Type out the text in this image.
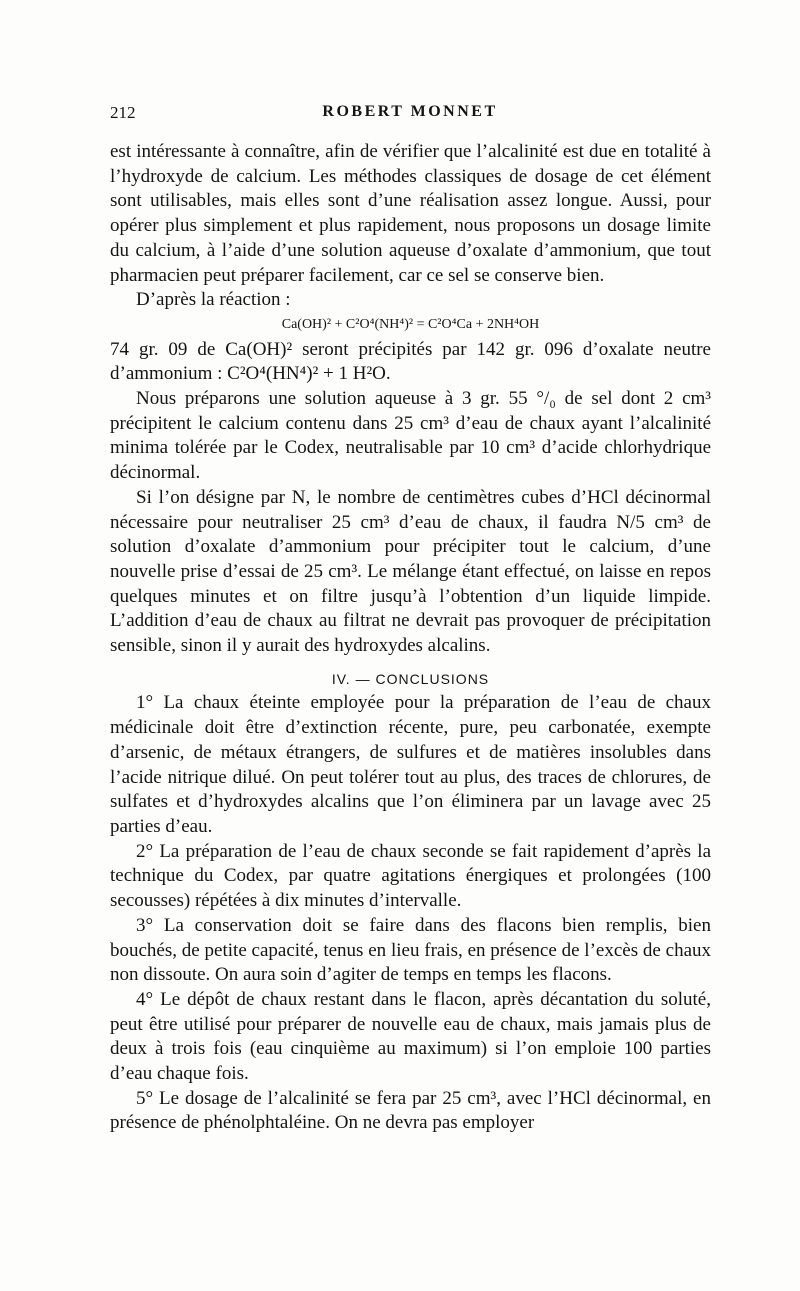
212	ROBERT MONNET

est intéressante à connaître, afin de vérifier que l’alcalinité est due en totalité à l’hydroxyde de calcium. Les méthodes classiques de dosage de cet élément sont utilisables, mais elles sont d’une réalisation assez longue. Aussi, pour opérer plus simplement et plus rapidement, nous proposons un dosage limite du calcium, à l’aide d’une solution aqueuse d’oxalate d’ammonium, que tout pharmacien peut préparer facilement, car ce sel se conserve bien.

D’après la réaction :

Ca(OH)² + C²O⁴(NH⁴)² = C²O⁴Ca + 2NH⁴OH

74 gr. 09 de Ca(OH)² seront précipités par 142 gr. 096 d’oxalate neutre d’ammonium : C²O⁴(HN⁴)² + 1 H²O.

Nous préparons une solution aqueuse à 3 gr. 55 °/₀ de sel dont 2 cm³ précipitent le calcium contenu dans 25 cm³ d’eau de chaux ayant l’alcalinité minima tolérée par le Codex, neutralisable par 10 cm³ d’acide chlorhydrique décinormal.

Si l’on désigne par N, le nombre de centimètres cubes d’HCl décinormal nécessaire pour neutraliser 25 cm³ d’eau de chaux, il faudra N/5 cm³ de solution d’oxalate d’ammonium pour précipiter tout le calcium, d’une nouvelle prise d’essai de 25 cm³. Le mélange étant effectué, on laisse en repos quelques minutes et on filtre jusqu’à l’obtention d’un liquide limpide. L’addition d’eau de chaux au filtrat ne devrait pas provoquer de précipitation sensible, sinon il y aurait des hydroxydes alcalins.

IV. — CONCLUSIONS

1° La chaux éteinte employée pour la préparation de l’eau de chaux médicinale doit être d’extinction récente, pure, peu carbonatée, exempte d’arsenic, de métaux étrangers, de sulfures et de matières insolubles dans l’acide nitrique dilué. On peut tolérer tout au plus, des traces de chlorures, de sulfates et d’hydroxydes alcalins que l’on éliminera par un lavage avec 25 parties d’eau.

2° La préparation de l’eau de chaux seconde se fait rapidement d’après la technique du Codex, par quatre agitations énergiques et prolongées (100 secousses) répétées à dix minutes d’intervalle.

3° La conservation doit se faire dans des flacons bien remplis, bien bouchés, de petite capacité, tenus en lieu frais, en présence de l’excès de chaux non dissoute. On aura soin d’agiter de temps en temps les flacons.

4° Le dépôt de chaux restant dans le flacon, après décantation du soluté, peut être utilisé pour préparer de nouvelle eau de chaux, mais jamais plus de deux à trois fois (eau cinquième au maximum) si l’on emploie 100 parties d’eau chaque fois.

5° Le dosage de l’alcalinité se fera par 25 cm³, avec l’HCl décinormal, en présence de phénolphtaléine. On ne devra pas employer
